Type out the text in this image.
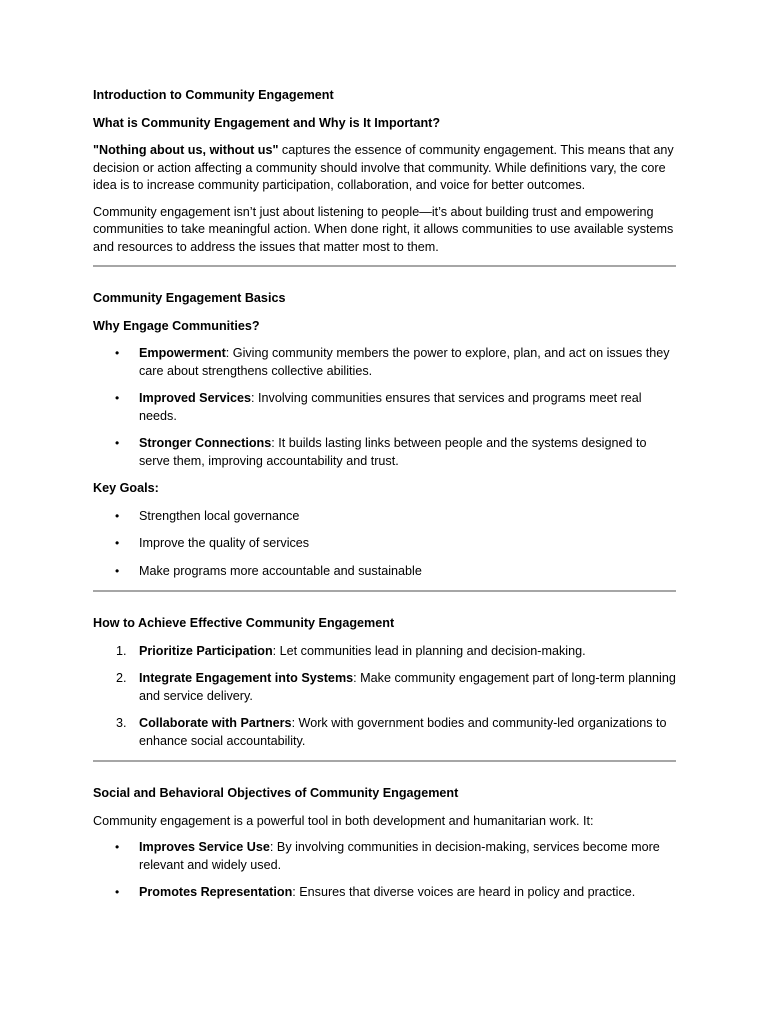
Introduction to Community Engagement
What is Community Engagement and Why is It Important?

"Nothing about us, without us" captures the essence of community engagement. This means that any decision or action affecting a community should involve that community. While definitions vary, the core idea is to increase community participation, collaboration, and voice for better outcomes.

Community engagement isn’t just about listening to people—it’s about building trust and empowering communities to take meaningful action. When done right, it allows communities to use available systems and resources to address the issues that matter most to them.

Community Engagement Basics
Why Engage Communities?
• Empowerment: Giving community members the power to explore, plan, and act on issues they care about strengthens collective abilities.
• Improved Services: Involving communities ensures that services and programs meet real needs.
• Stronger Connections: It builds lasting links between people and the systems designed to serve them, improving accountability and trust.
Key Goals:
• Strengthen local governance
• Improve the quality of services
• Make programs more accountable and sustainable
How to Achieve Effective Community Engagement
1. Prioritize Participation: Let communities lead in planning and decision-making.
2. Integrate Engagement into Systems: Make community engagement part of long-term planning and service delivery.
3. Collaborate with Partners: Work with government bodies and community-led organizations to enhance social accountability.
Social and Behavioral Objectives of Community Engagement

Community engagement is a powerful tool in both development and humanitarian work. It:

• Improves Service Use: By involving communities in decision-making, services become more relevant and widely used.
• Promotes Representation: Ensures that diverse voices are heard in policy and practice.
